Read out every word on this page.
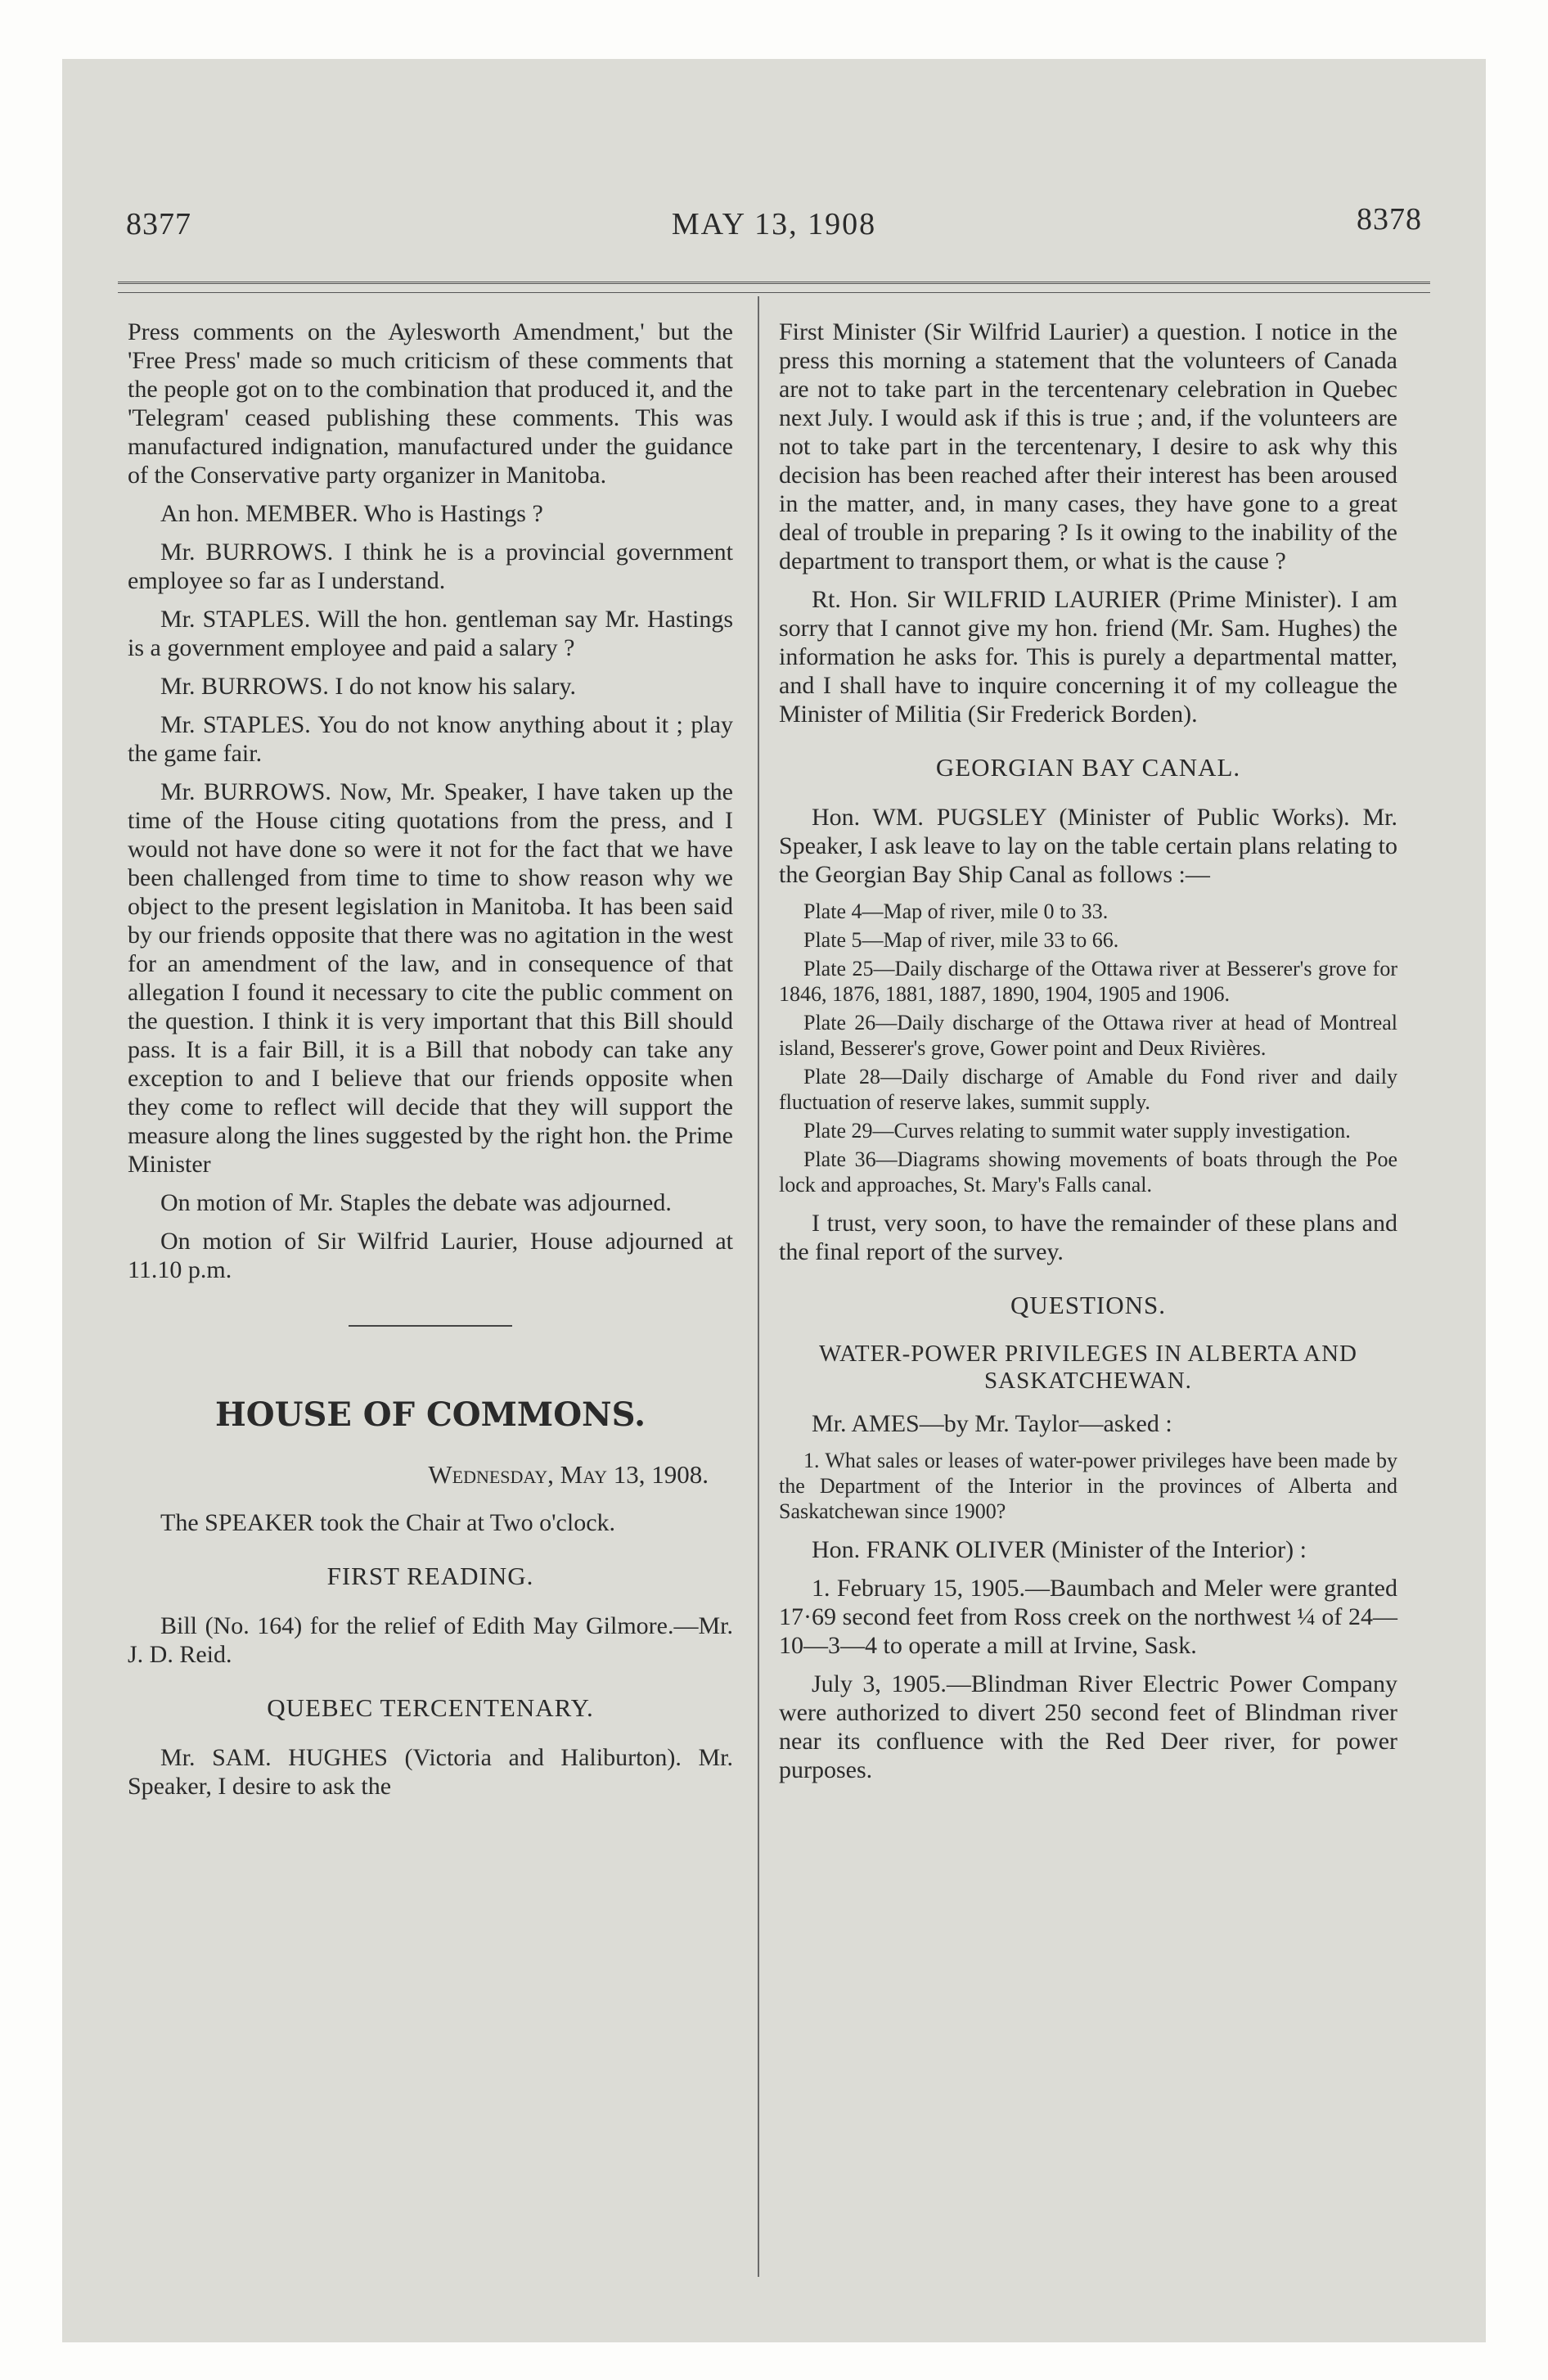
8377	MAY 13, 1908	8378

Press comments on the Aylesworth Amendment,' but the 'Free Press' made so much criticism of these comments that the people got on to the combination that produced it, and the 'Telegram' ceased publishing these comments. This was manufactured indignation, manufactured under the guidance of the Conservative party organizer in Manitoba.

An hon. MEMBER. Who is Hastings ?

Mr. BURROWS. I think he is a provincial government employee so far as I understand.

Mr. STAPLES. Will the hon. gentleman say Mr. Hastings is a government employee and paid a salary ?

Mr. BURROWS. I do not know his salary.

Mr. STAPLES. You do not know anything about it ; play the game fair.

Mr. BURROWS. Now, Mr. Speaker, I have taken up the time of the House citing quotations from the press, and I would not have done so were it not for the fact that we have been challenged from time to time to show reason why we object to the present legislation in Manitoba. It has been said by our friends opposite that there was no agitation in the west for an amendment of the law, and in consequence of that allegation I found it necessary to cite the public comment on the question. I think it is very important that this Bill should pass. It is a fair Bill, it is a Bill that nobody can take any exception to and I believe that our friends opposite when they come to reflect will decide that they will support the measure along the lines suggested by the right hon. the Prime Minister

On motion of Mr. Staples the debate was adjourned.

On motion of Sir Wilfrid Laurier, House adjourned at 11.10 p.m.

HOUSE OF COMMONS.
Wednesday, May 13, 1908.

The SPEAKER took the Chair at Two o'clock.

FIRST READING.

Bill (No. 164) for the relief of Edith May Gilmore.—Mr. J. D. Reid.

QUEBEC TERCENTENARY.

Mr. SAM. HUGHES (Victoria and Haliburton). Mr. Speaker, I desire to ask the

First Minister (Sir Wilfrid Laurier) a question. I notice in the press this morning a statement that the volunteers of Canada are not to take part in the tercentenary celebration in Quebec next July. I would ask if this is true ; and, if the volunteers are not to take part in the tercentenary, I desire to ask why this decision has been reached after their interest has been aroused in the matter, and, in many cases, they have gone to a great deal of trouble in preparing ? Is it owing to the inability of the department to transport them, or what is the cause ?

Rt. Hon. Sir WILFRID LAURIER (Prime Minister). I am sorry that I cannot give my hon. friend (Mr. Sam. Hughes) the information he asks for. This is purely a departmental matter, and I shall have to inquire concerning it of my colleague the Minister of Militia (Sir Frederick Borden).

GEORGIAN BAY CANAL.

Hon. WM. PUGSLEY (Minister of Public Works). Mr. Speaker, I ask leave to lay on the table certain plans relating to the Georgian Bay Ship Canal as follows :—

Plate 4—Map of river, mile 0 to 33.

Plate 5—Map of river, mile 33 to 66.

Plate 25—Daily discharge of the Ottawa river at Besserer's grove for 1846, 1876, 1881, 1887, 1890, 1904, 1905 and 1906.

Plate 26—Daily discharge of the Ottawa river at head of Montreal island, Besserer's grove, Gower point and Deux Rivières.

Plate 28—Daily discharge of Amable du Fond river and daily fluctuation of reserve lakes, summit supply.

Plate 29—Curves relating to summit water supply investigation.

Plate 36—Diagrams showing movements of boats through the Poe lock and approaches, St. Mary's Falls canal.

I trust, very soon, to have the remainder of these plans and the final report of the survey.

QUESTIONS.
WATER-POWER PRIVILEGES IN ALBERTA AND SASKATCHEWAN.

Mr. AMES—by Mr. Taylor—asked :

1. What sales or leases of water-power privileges have been made by the Department of the Interior in the provinces of Alberta and Saskatchewan since 1900?

Hon. FRANK OLIVER (Minister of the Interior) :

1. February 15, 1905.—Baumbach and Meler were granted 17·69 second feet from Ross creek on the northwest ¼ of 24—10—3—4 to operate a mill at Irvine, Sask.

July 3, 1905.—Blindman River Electric Power Company were authorized to divert 250 second feet of Blindman river near its confluence with the Red Deer river, for power purposes.
